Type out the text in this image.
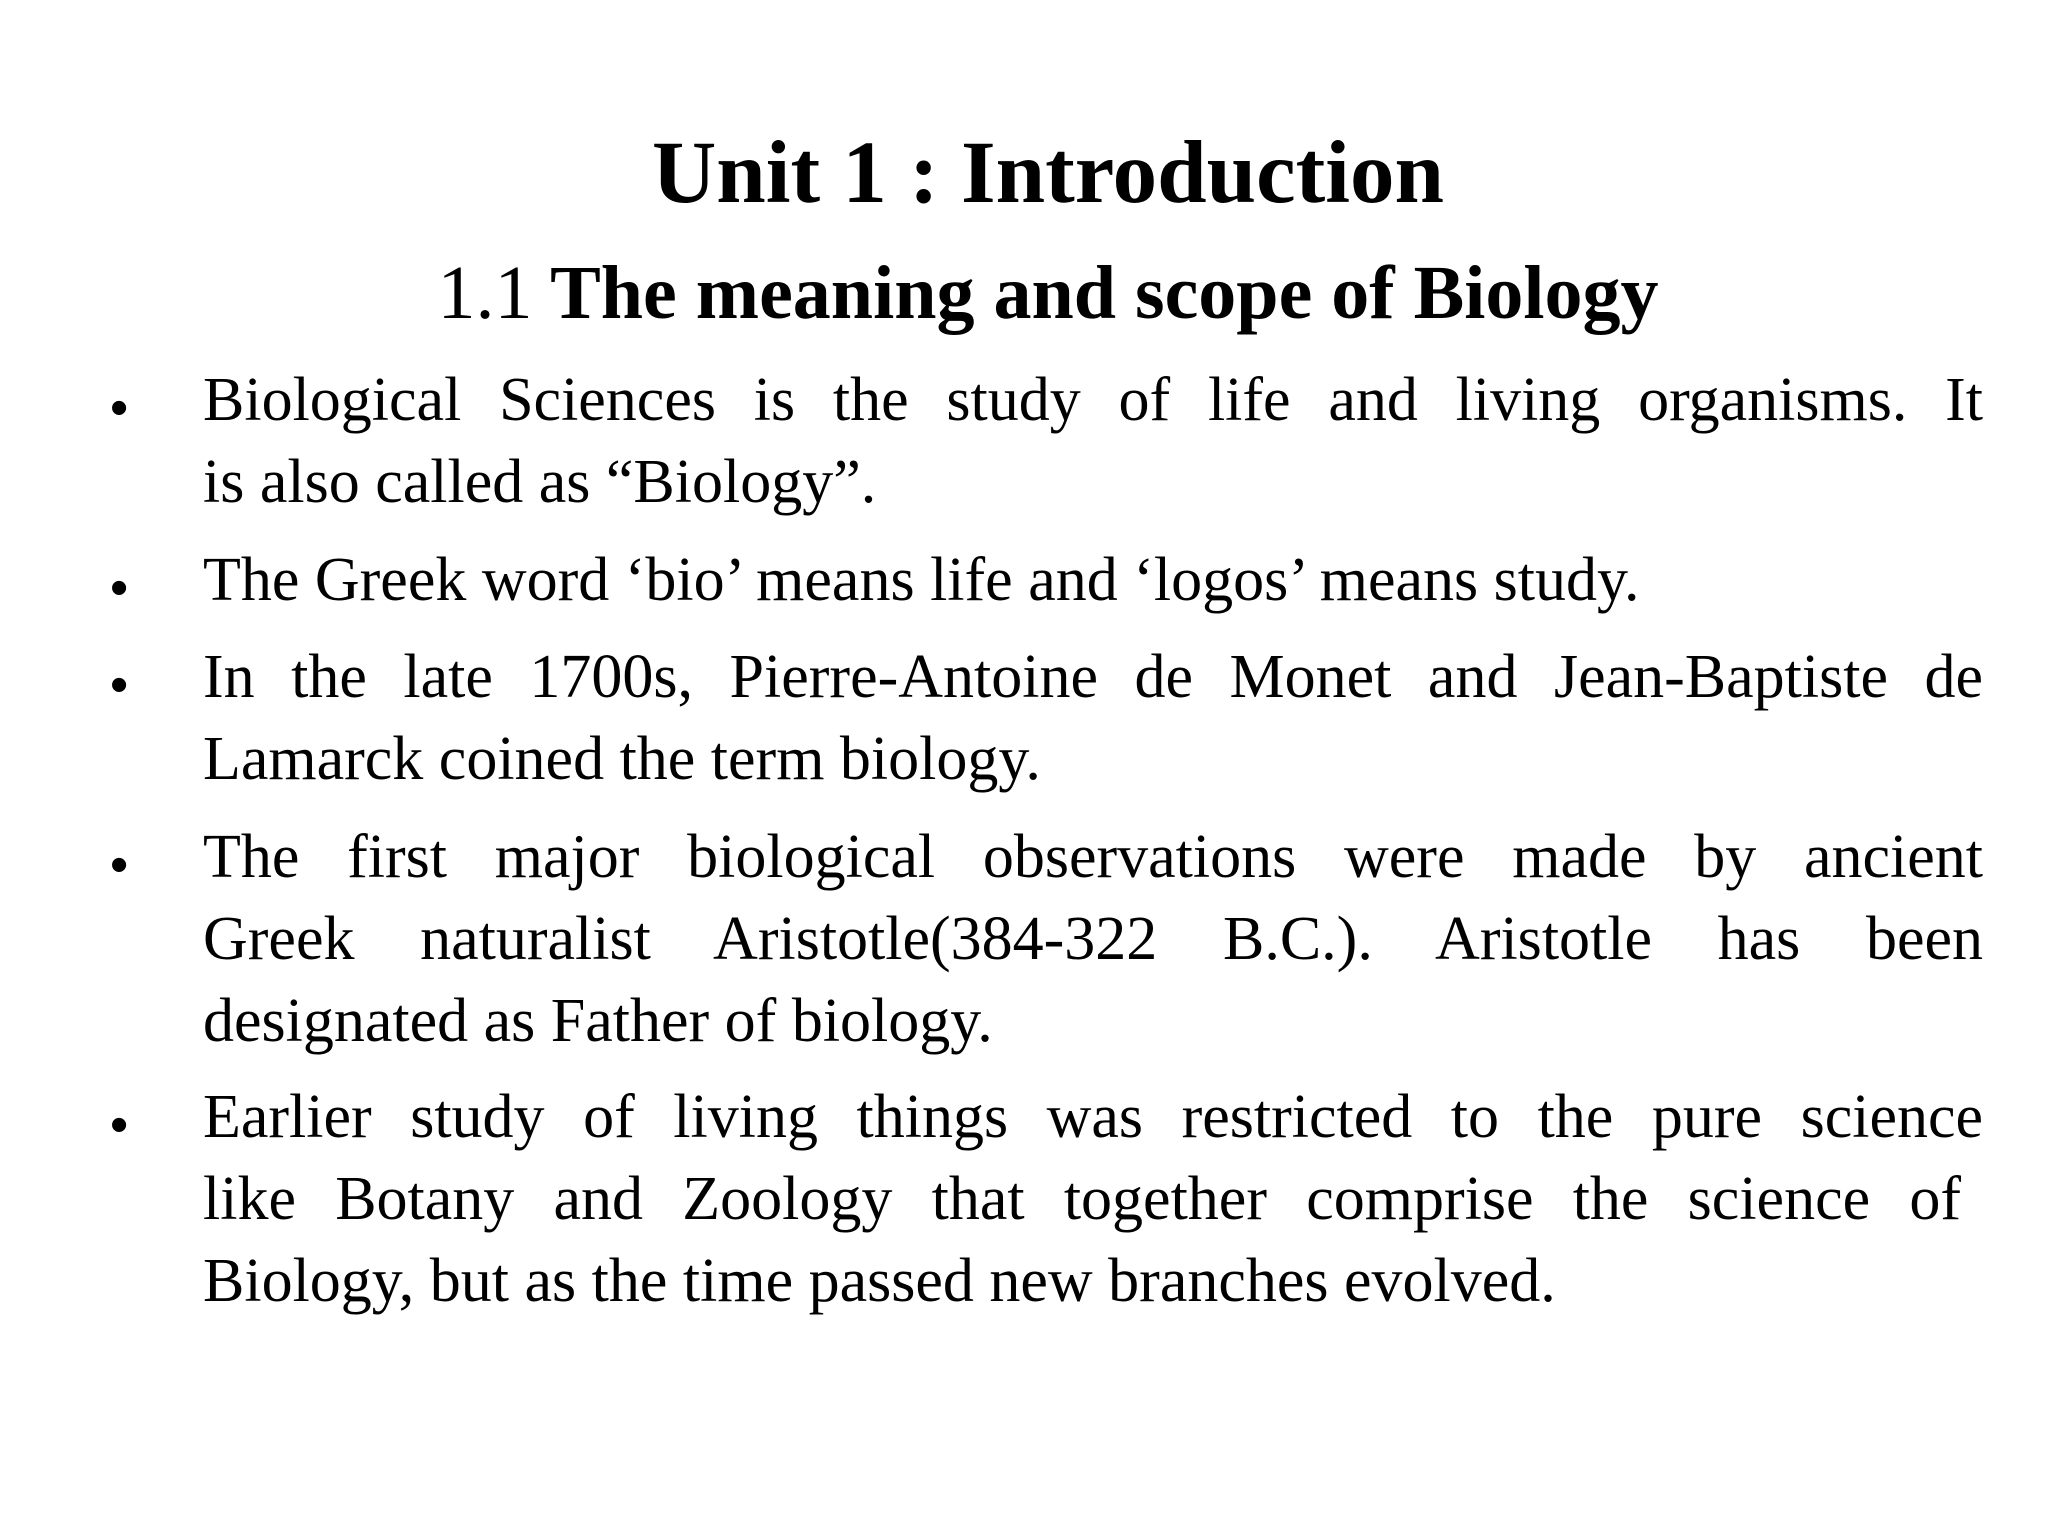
Unit 1 : Introduction
1.1 The meaning and scope of Biology
• Biological Sciences is the study of life and living organisms. It
is also called as “Biology”.
• The Greek word ‘bio’ means life and ‘logos’ means study.
• In the late 1700s, Pierre-Antoine de Monet and Jean-Baptiste de
Lamarck coined the term biology.
• The first major biological observations were made by ancient
Greek naturalist Aristotle(384-322 B.C.). Aristotle has been
designated as Father of biology.
• Earlier study of living things was restricted to the pure science
like Botany and Zoology that together comprise the science of
Biology, but as the time passed new branches evolved.
